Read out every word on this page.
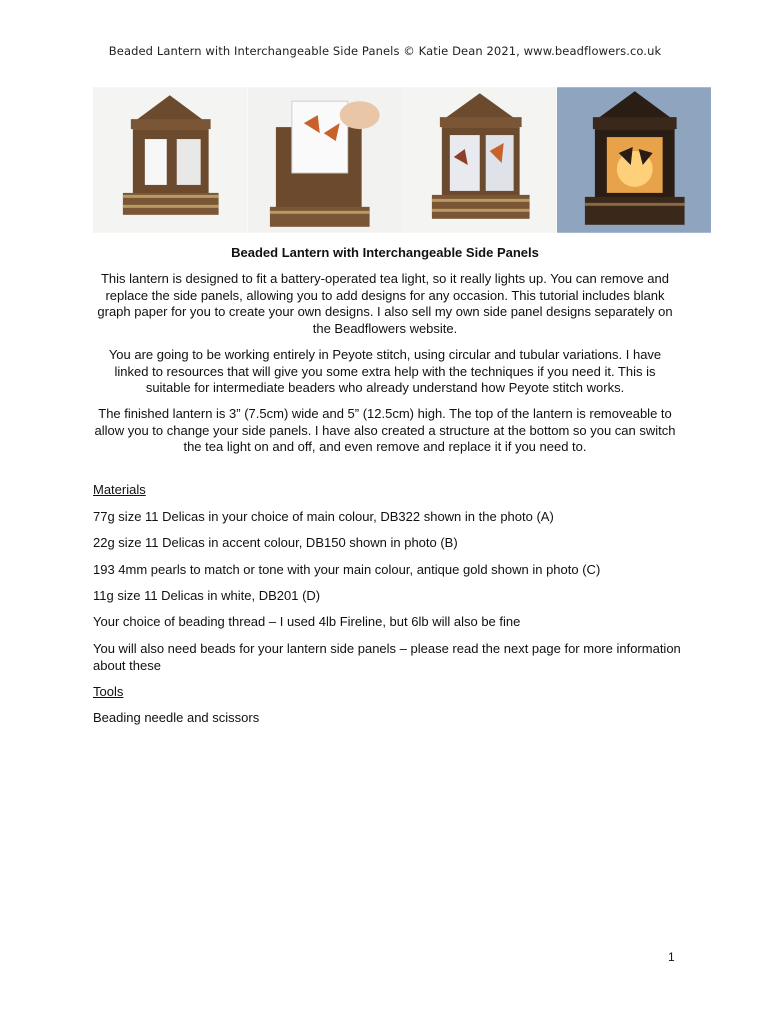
Beaded Lantern with Interchangeable Side Panels © Katie Dean 2021, www.beadflowers.co.uk
Beaded Lantern with Interchangeable Side Panels
This lantern is designed to fit a battery-operated tea light, so it really lights up. You can remove and replace the side panels, allowing you to add designs for any occasion. This tutorial includes blank graph paper for you to create your own designs. I also sell my own side panel designs separately on the Beadflowers website.
You are going to be working entirely in Peyote stitch, using circular and tubular variations. I have linked to resources that will give you some extra help with the techniques if you need it. This is suitable for intermediate beaders who already understand how Peyote stitch works.
The finished lantern is 3” (7.5cm) wide and 5” (12.5cm) high. The top of the lantern is removeable to allow you to change your side panels. I have also created a structure at the bottom so you can switch the tea light on and off, and even remove and replace it if you need to.
Materials
77g size 11 Delicas in your choice of main colour, DB322 shown in the photo (A)
22g size 11 Delicas in accent colour, DB150 shown in photo (B)
193 4mm pearls to match or tone with your main colour, antique gold shown in photo (C)
11g size 11 Delicas in white, DB201 (D)
Your choice of beading thread – I used 4lb Fireline, but 6lb will also be fine
You will also need beads for your lantern side panels – please read the next page for more information about these
Tools
Beading needle and scissors
1
